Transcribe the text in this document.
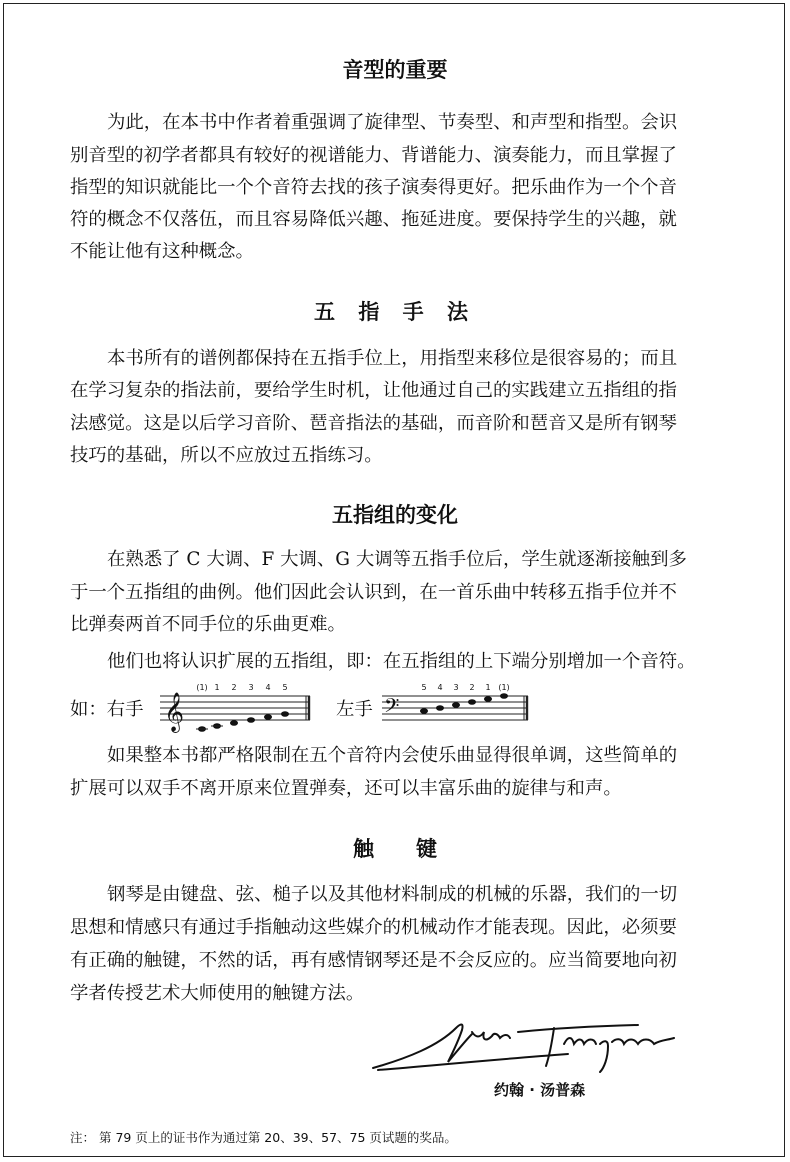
音型的重要
为此，在本书中作者着重强调了旋律型、节奏型、和声型和指型。会识
别音型的初学者都具有较好的视谱能力、背谱能力、演奏能力，而且掌握了
指型的知识就能比一个个音符去找的孩子演奏得更好。把乐曲作为一个个音
符的概念不仅落伍，而且容易降低兴趣、拖延进度。要保持学生的兴趣，就
不能让他有这种概念。
五 指 手 法
本书所有的谱例都保持在五指手位上，用指型来移位是很容易的；而且
在学习复杂的指法前，要给学生时机，让他通过自己的实践建立五指组的指
法感觉。这是以后学习音阶、琶音指法的基础，而音阶和琶音又是所有钢琴
技巧的基础，所以不应放过五指练习。
五指组的变化
在熟悉了 C 大调、F 大调、G 大调等五指手位后，学生就逐渐接触到多
于一个五指组的曲例。他们因此会认识到，在一首乐曲中转移五指手位并不
比弹奏两首不同手位的乐曲更难。
他们也将认识扩展的五指组，即：在五指组的上下端分别增加一个音符。
如：右手 𝄞
(1) 1 2 3 4 5
左手 𝄢
5 4 3 2 1 (1)
如果整本书都严格限制在五个音符内会使乐曲显得很单调，这些简单的
扩展可以双手不离开原来位置弹奏，还可以丰富乐曲的旋律与和声。
触　　键
钢琴是由键盘、弦、槌子以及其他材料制成的机械的乐器，我们的一切
思想和情感只有通过手指触动这些媒介的机械动作才能表现。因此，必须要
有正确的触键，不然的话，再有感情钢琴还是不会反应的。应当简要地向初
学者传授艺术大师使用的触键方法。
约翰 · 汤普森
注： 第 79 页上的证书作为通过第 20、39、57、75 页试题的奖品。
